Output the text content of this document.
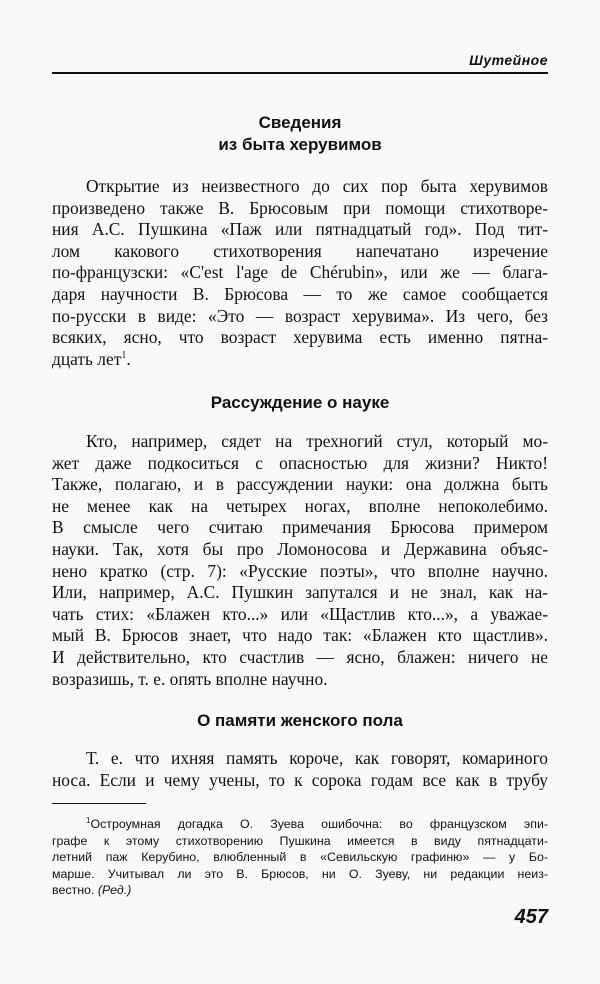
Шутейное
Сведения
из быта херувимов
Открытие из неизвестного до сих пор быта херувимов
произведено также В. Брюсовым при помощи стихотворе-
ния А.С. Пушкина «Паж или пятнадцатый год». Под тит-
лом каковогo стихотворения напечатано изречение
по-французски: «C'est l'age de Chérubin», или же — блага-
даря научности В. Брюсова — то же самое сообщается
по-русски в виде: «Это — возраст херувима». Из чего, без
всяких, ясно, что возраст херувима есть именно пятна-
дцать лет$^1$.
Рассуждение о науке
Кто, например, сядет на трехногий стул, который мо-
жет даже подкоситься с опасностью для жизни? Никто!
Также, полагаю, и в рассуждении науки: она должна быть
не менее как на четырех ногах, вполне непоколебимо.
В смысле чего считаю примечания Брюсова примером
науки. Так, хотя бы про Ломоносова и Державина объяс-
нено кратко (стр. 7): «Русские поэты», что вполне научно.
Или, например, А.С. Пушкин запутался и не знал, как на-
чать стих: «Блажен кто...» или «Щастлив кто...», а уважае-
мый В. Брюсов знает, что надо так: «Блажен кто щастлив».
И действительно, кто счастлив — ясно, блажен: ничего не
возразишь, т. е. опять вполне научно.
О памяти женского пола
Т. е. что ихняя память короче, как говорят, комариного
носа. Если и чему учены, то к сорока годам все как в трубу
$^1$Остроумная догадка О. Зуева ошибочна: во французском эпи-
графе к этому стихотворению Пушкина имеется в виду пятнадцати-
летний паж Керубино, влюбленный в «Севильскую графиню» — у Бо-
марше. Учитывал ли это В. Брюсов, ни О. Зуеву, ни редакции неиз-
вестно. (Ред.)
457
